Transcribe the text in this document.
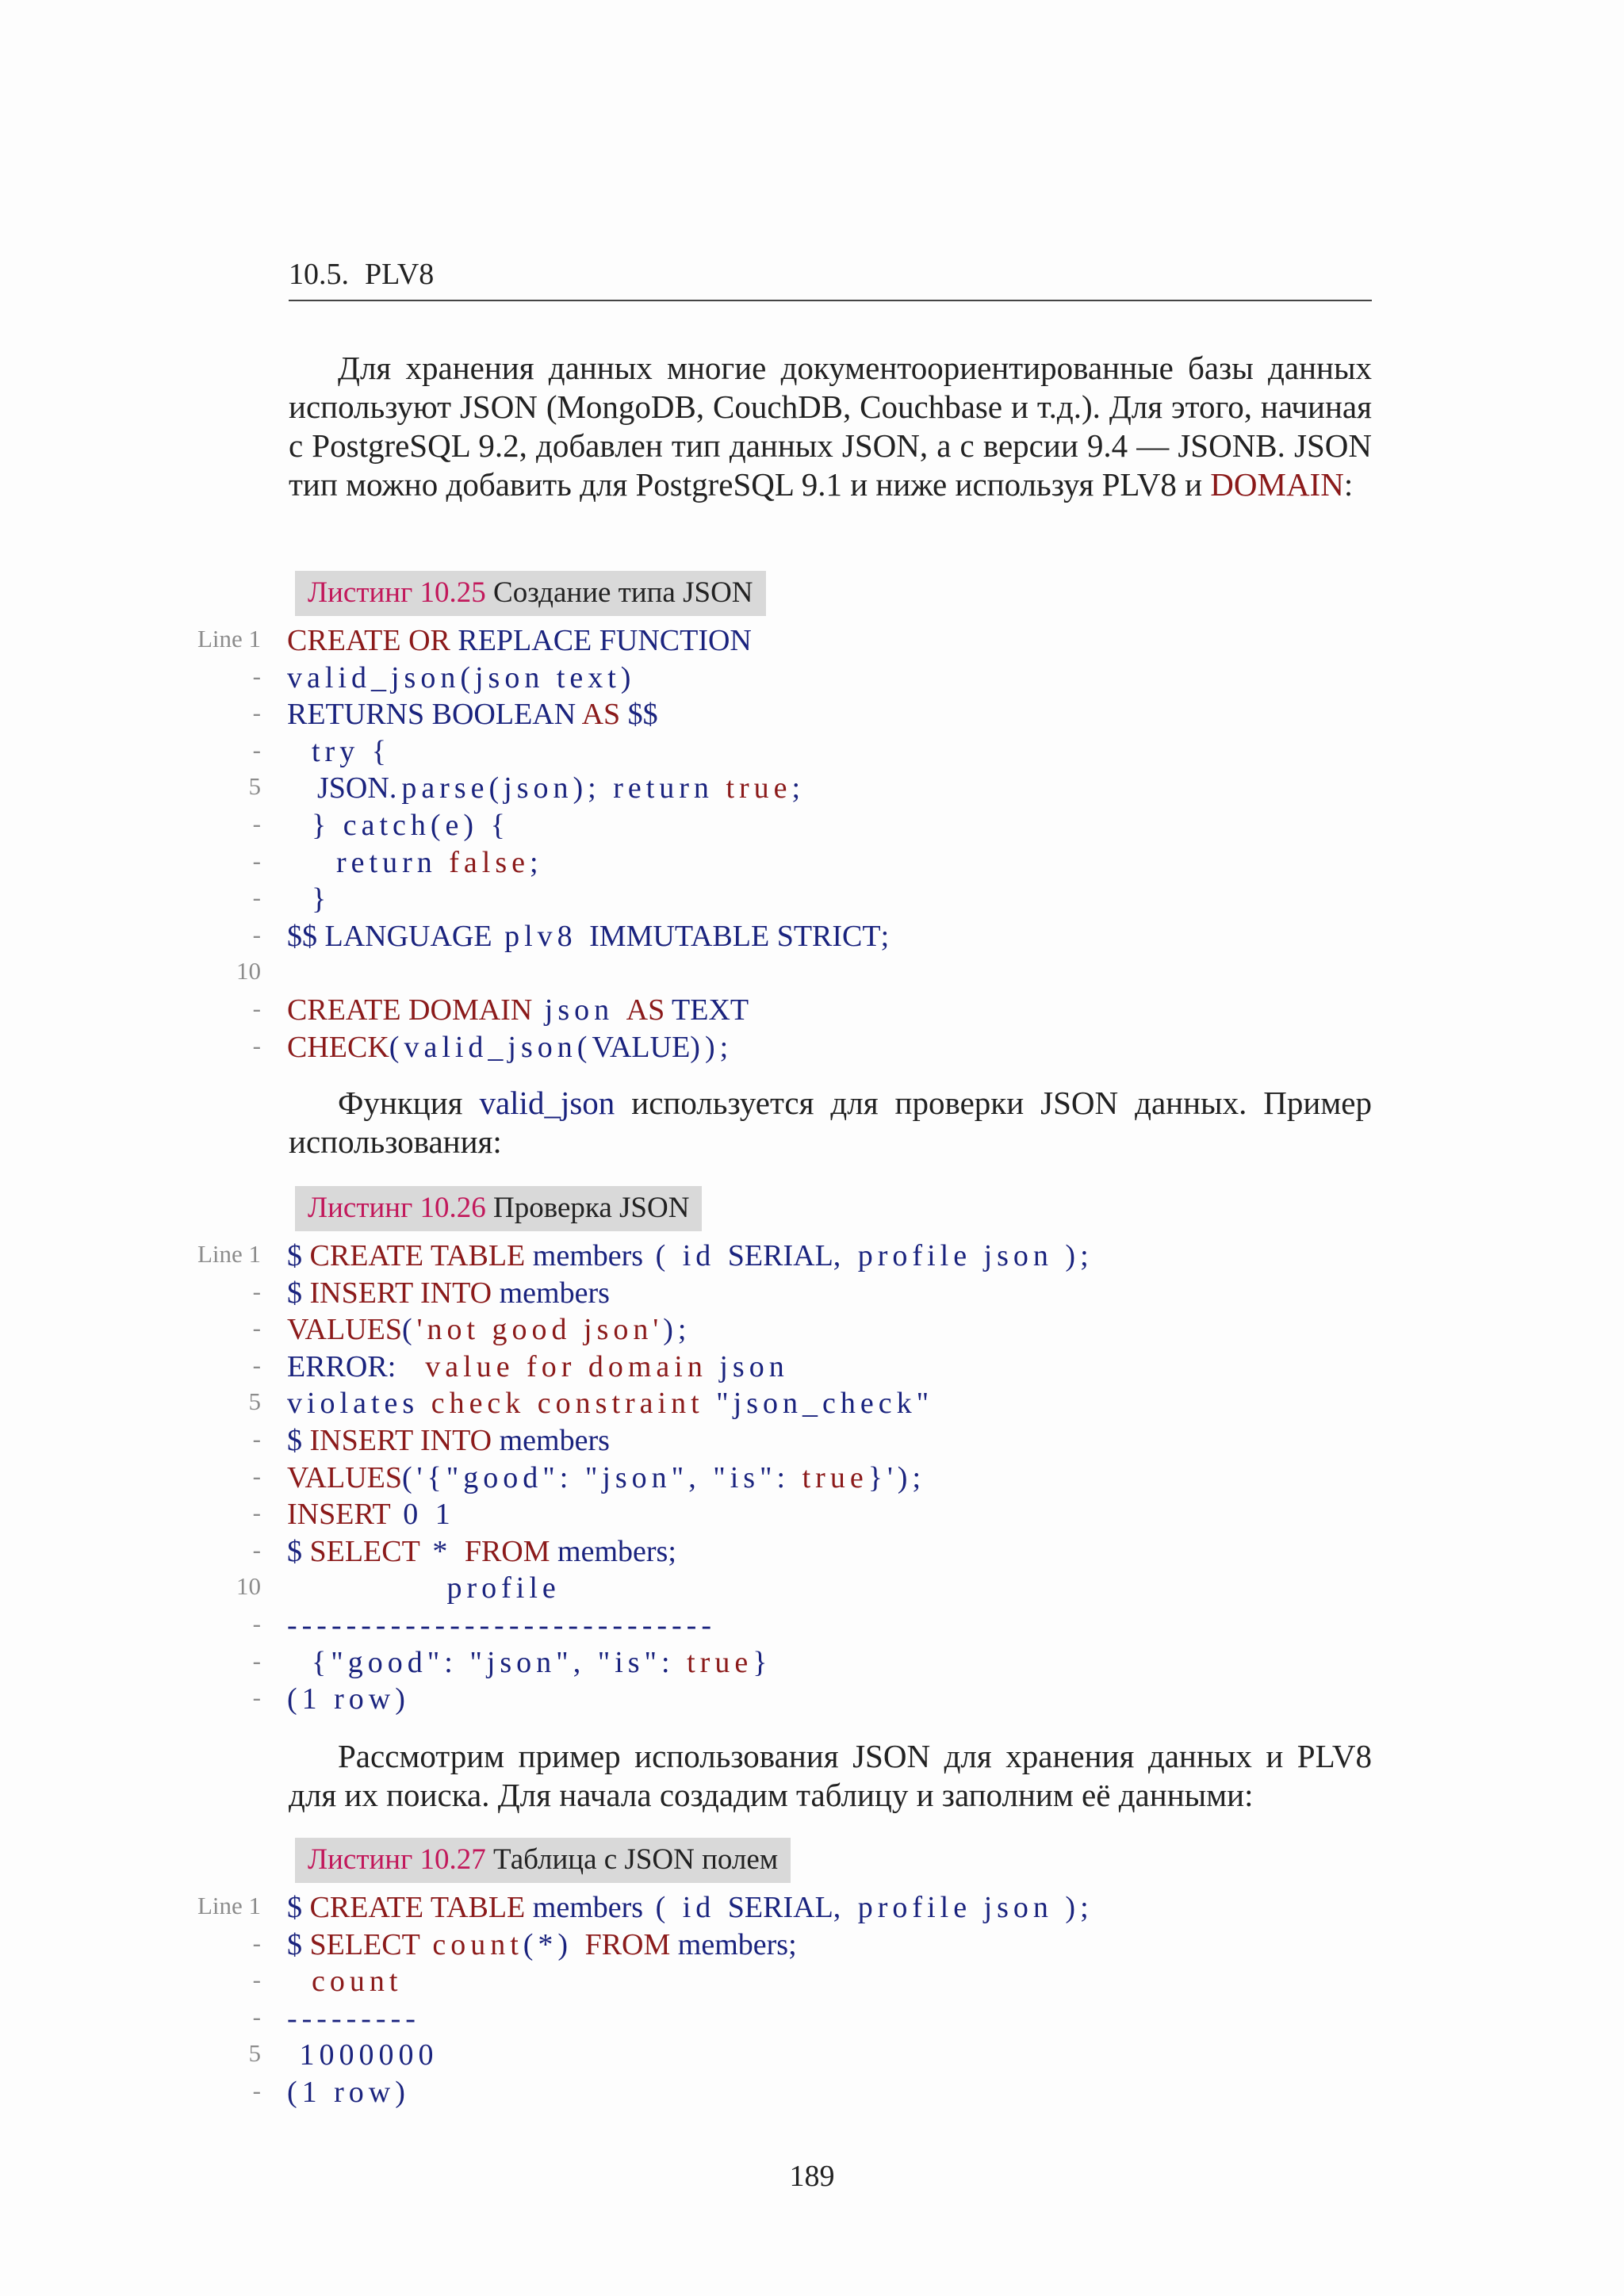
10.5. PLV8

Для хранения данных многие документоориентированные базы данных используют JSON (MongoDB, CouchDB, Couchbase и т.д.). Для этого, начиная с PostgreSQL 9.2, добавлен тип данных JSON, а с версии 9.4 — JSONB. JSON тип можно добавить для PostgreSQL 9.1 и ниже используя PLV8 и DOMAIN:

Листинг 10.25 Создание типа JSON
Line 1 CREATE OR REPLACE FUNCTION
- valid_json(json text)
- RETURNS BOOLEAN AS $$
- try {
5	JSON.parse(json); return true;
- } catch(e) {
- return false;
- }
- $$ LANGUAGE plv8 IMMUTABLE STRICT;
10
- CREATE DOMAIN json AS TEXT
- CHECK(valid_json(VALUE));

Функция valid_json используется для проверки JSON данных. Пример использования:

Листинг 10.26 Проверка JSON
Line 1 $ CREATE TABLE members ( id SERIAL, profile json );
- $ INSERT INTO members
- VALUES('not good json');
- ERROR:  value for domain json
5 violates check constraint "json_check"
- $ INSERT INTO members
- VALUES('{"good": "json", "is": true}');
- INSERT 0 1
- $ SELECT * FROM members;
10 profile
- -----------------------------
- {"good": "json", "is": true}
- (1 row)

Рассмотрим пример использования JSON для хранения данных и PLV8 для их поиска. Для начала создадим таблицу и заполним её данными:

Листинг 10.27 Таблица с JSON полем
Line 1 $ CREATE TABLE members ( id SERIAL, profile json );
- $ SELECT count(*) FROM members;
- count
- ---------
5 1000000
- (1 row)
189
